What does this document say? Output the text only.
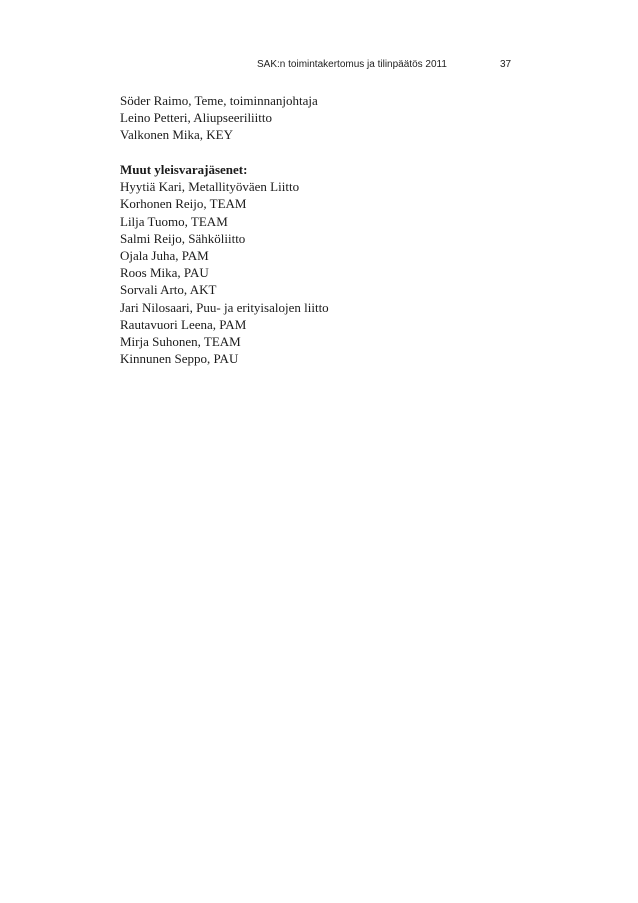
SAK:n toimintakertomus ja tilinpäätös 2011	37
Söder Raimo, Teme, toiminnanjohtaja
Leino Petteri, Aliupseeriliitto
Valkonen Mika, KEY
Muut yleisvarajäsenet:
Hyytiä Kari, Metallityöväen Liitto
Korhonen Reijo, TEAM
Lilja Tuomo, TEAM
Salmi Reijo, Sähköliitto
Ojala Juha, PAM
Roos Mika, PAU
Sorvali Arto, AKT
Jari Nilosaari, Puu- ja erityisalojen liitto
Rautavuori Leena, PAM
Mirja Suhonen, TEAM
Kinnunen Seppo, PAU
